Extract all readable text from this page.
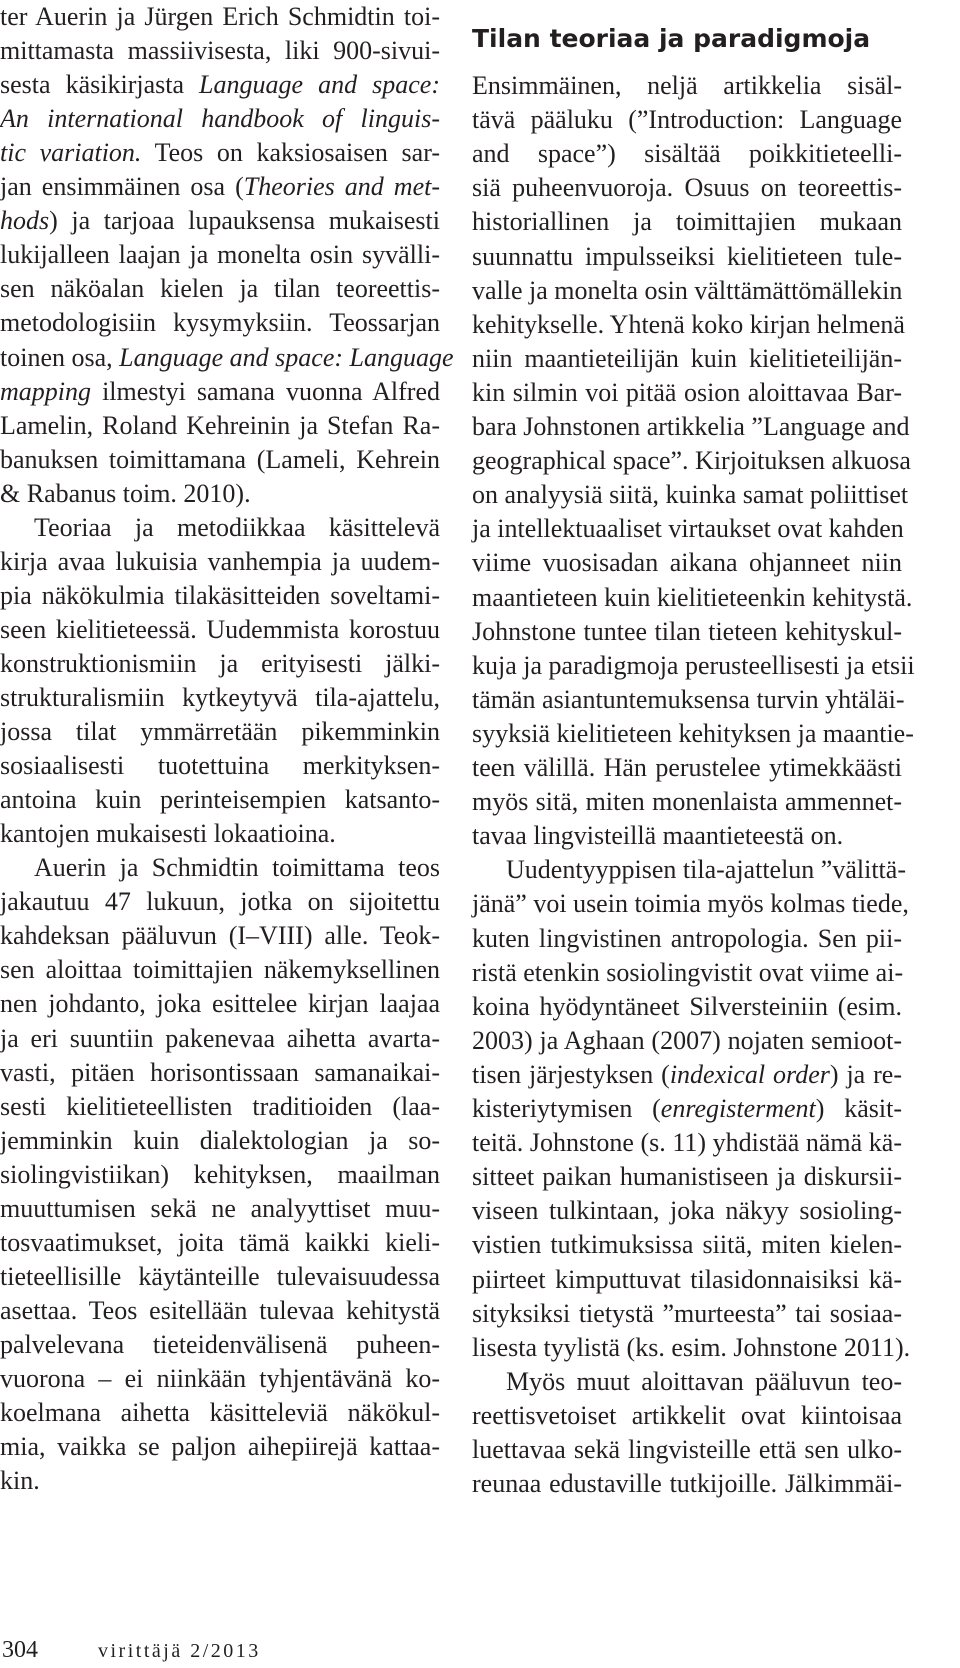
ter Auerin ja Jürgen Erich Schmidtin toi-
mittamasta massiivisesta, liki 900-sivui-
sesta käsikirjasta Language and space:
An international handbook of linguis-
tic variation. Teos on kaksiosaisen sar-
jan ensimmäinen osa (Theories and met-
hods) ja tarjoaa lupauksensa mukaisesti
lukijalleen laajan ja monelta osin syvälli-
sen näköalan kielen ja tilan teoreettis-
metodologisiin kysymyksiin. Teossarjan
toinen osa, Language and space: Language
mapping ilmestyi samana vuonna Alfred
Lamelin, Roland Kehreinin ja Stefan Ra-
banuksen toimittamana (Lameli, Kehrein
& Rabanus toim. 2010).
Teoriaa ja metodiikkaa käsittelevä
kirja avaa lukuisia vanhempia ja uudem-
pia näkökulmia tilakäsitteiden soveltami-
seen kielitieteessä. Uudemmista korostuu
konstruktionismiin ja erityisesti jälki-
strukturalismiin kytkeytyvä tila-ajattelu,
jossa tilat ymmärretään pikemminkin
sosiaalisesti tuotettuina merkityksen-
antoina kuin perinteisempien katsanto-
kantojen mukaisesti lokaatioina.
Auerin ja Schmidtin toimittama teos
jakautuu 47 lukuun, jotka on sijoitettu
kahdeksan pääluvun (I–VIII) alle. Teok-
sen aloittaa toimittajien näkemyksellinen
nen johdanto, joka esittelee kirjan laajaa
ja eri suuntiin pakenevaa aihetta avarta-
vasti, pitäen horisontissaan samanaikai-
sesti kielitieteellisten traditioiden (laa-
jemminkin kuin dialektologian ja so-
siolingvistiikan) kehityksen, maailman
muuttumisen sekä ne analyyttiset muu-
tosvaatimukset, joita tämä kaikki kieli-
tieteellisille käytänteille tulevaisuudessa
asettaa. Teos esitellään tulevaa kehitystä
palvelevana tieteidenvälisenä puheen-
vuorona – ei niinkään tyhjentävänä ko-
koelmana aihetta käsitteleviä näkökul-
mia, vaikka se paljon aihepiirejä kattaa-
kin.
Tilan teoriaa ja paradigmoja
Ensimmäinen, neljä artikkelia sisäl-
tävä pääluku (”Introduction: Language
and space”) sisältää poikkitieteelli-
siä puheenvuoroja. Osuus on teoreettis-
historiallinen ja toimittajien mukaan
suunnattu impulsseiksi kielitieteen tule-
valle ja monelta osin välttämättömällekin
kehitykselle. Yhtenä koko kirjan helmenä
niin maantieteilijän kuin kielitieteilijän-
kin silmin voi pitää osion aloittavaa Bar-
bara Johnstonen artikkelia ”Language and
geographical space”. Kirjoituksen alkuosa
on analyysiä siitä, kuinka samat poliittiset
ja intellektuaaliset virtaukset ovat kahden
viime vuosisadan aikana ohjanneet niin
maantieteen kuin kielitieteenkin kehitystä.
Johnstone tuntee tilan tieteen kehityskul-
kuja ja paradigmoja perusteellisesti ja etsii
tämän asiantuntemuksensa turvin yhtäläi-
syyksiä kielitieteen kehityksen ja maantie-
teen välillä. Hän perustelee ytimekkäästi
myös sitä, miten monenlaista ammennet-
tavaa lingvisteillä maantieteestä on.
Uudentyyppisen tila-ajattelun ”välittä-
jänä” voi usein toimia myös kolmas tiede,
kuten lingvistinen antropologia. Sen pii-
ristä etenkin sosiolingvistit ovat viime ai-
koina hyödyntäneet Silversteiniin (esim.
2003) ja Aghaan (2007) nojaten semioot-
tisen järjestyksen (indexical order) ja re-
kisteriytymisen (enregisterment) käsit-
teitä. Johnstone (s. 11) yhdistää nämä kä-
sitteet paikan humanistiseen ja diskursii-
viseen tulkintaan, joka näkyy sosioling-
vistien tutkimuksissa siitä, miten kielen-
piirteet kimputtuvat tilasidonnaisiksi kä-
sityksiksi tietystä ”murteesta” tai sosiaa-
lisesta tyylistä (ks. esim. Johnstone 2011).
Myös muut aloittavan pääluvun teo-
reettisvetoiset artikkelit ovat kiintoisaa
luettavaa sekä lingvisteille että sen ulko-
reunaa edustaville tutkijoille. Jälkimmäi-
304	virittäjä 2/2013
